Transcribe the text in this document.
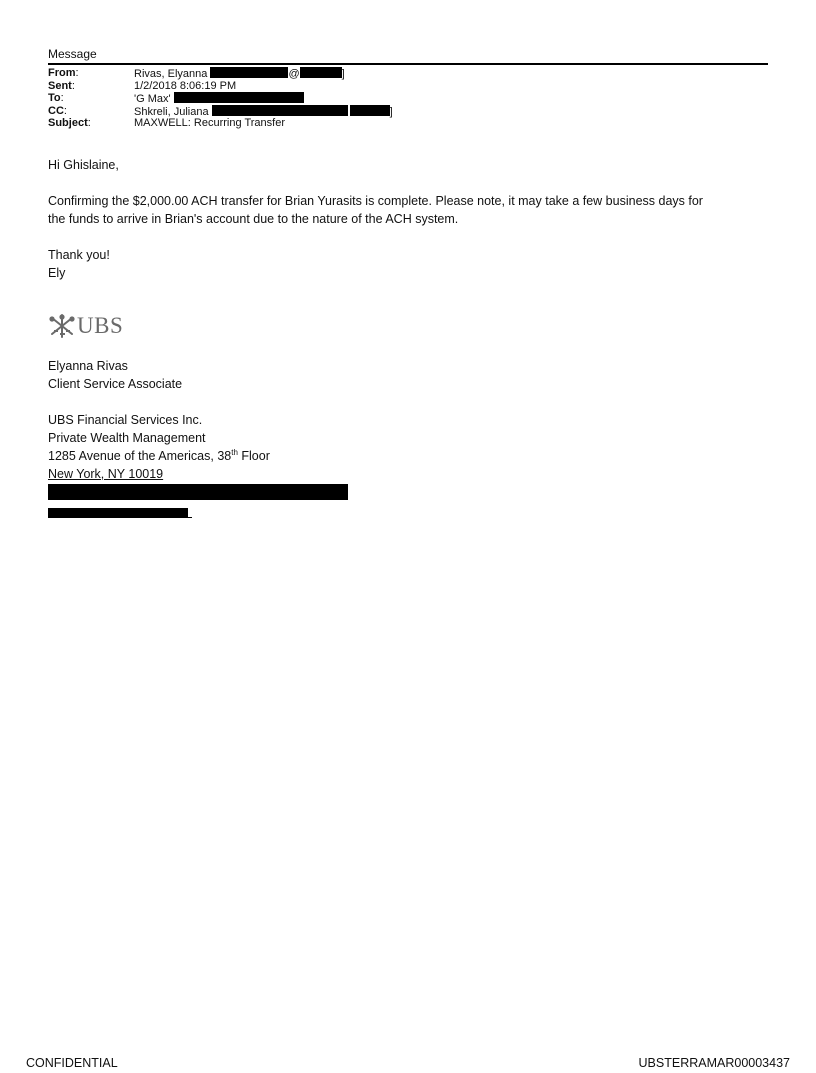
Message
From:	Rivas, Elyanna	@	]
Sent:	1/2/2018 8:06:19 PM
To:	'G Max'
CC:	Shkreli, Juliana	]
Subject:	MAXWELL: Recurring Transfer

Hi Ghislaine,

Confirming the $2,000.00 ACH transfer for Brian Yurasits is complete. Please note, it may take a few business days for

the funds to arrive in Brian's account due to the nature of the ACH system.

Thank you!

Ely

UBS
Elyanna Rivas
Client Service Associate
UBS Financial Services Inc.
Private Wealth Management
1285 Avenue of the Americas, 38th Floor
New York, NY 10019
CONFIDENTIAL	UBSTERRAMAR00003437
